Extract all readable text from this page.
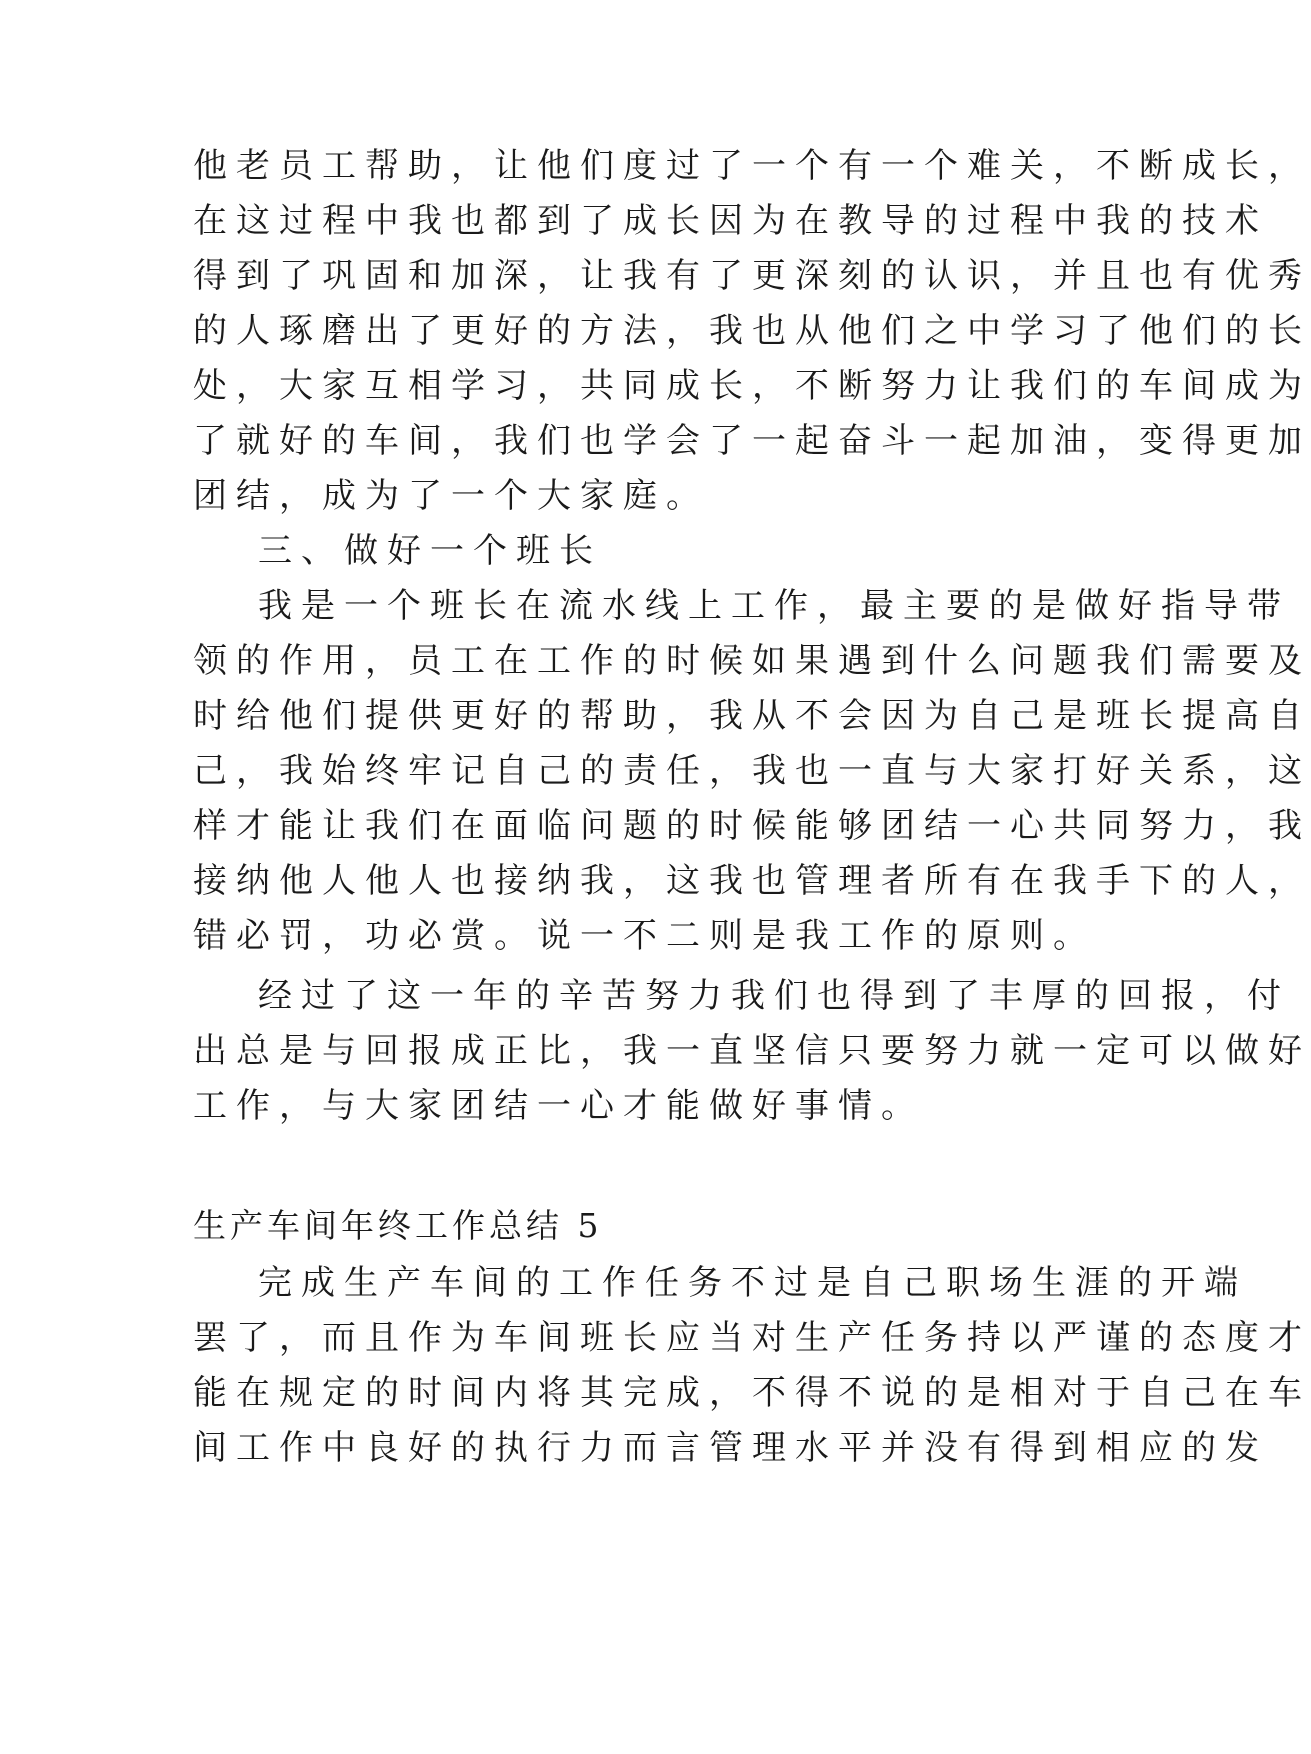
他老员工帮助，让他们度过了一个有一个难关，不断成长，
在这过程中我也都到了成长因为在教导的过程中我的技术
得到了巩固和加深，让我有了更深刻的认识，并且也有优秀
的人琢磨出了更好的方法，我也从他们之中学习了他们的长
处，大家互相学习，共同成长，不断努力让我们的车间成为
了就好的车间，我们也学会了一起奋斗一起加油，变得更加
团结，成为了一个大家庭。
三、做好一个班长
我是一个班长在流水线上工作，最主要的是做好指导带
领的作用，员工在工作的时候如果遇到什么问题我们需要及
时给他们提供更好的帮助，我从不会因为自己是班长提高自
己，我始终牢记自己的责任，我也一直与大家打好关系，这
样才能让我们在面临问题的时候能够团结一心共同努力，我
接纳他人他人也接纳我，这我也管理者所有在我手下的人，
错必罚，功必赏。说一不二则是我工作的原则。
经过了这一年的辛苦努力我们也得到了丰厚的回报，付
出总是与回报成正比，我一直坚信只要努力就一定可以做好
工作，与大家团结一心才能做好事情。
生产车间年终工作总结 5
完成生产车间的工作任务不过是自己职场生涯的开端
罢了，而且作为车间班长应当对生产任务持以严谨的态度才
能在规定的时间内将其完成，不得不说的是相对于自己在车
间工作中良好的执行力而言管理水平并没有得到相应的发
